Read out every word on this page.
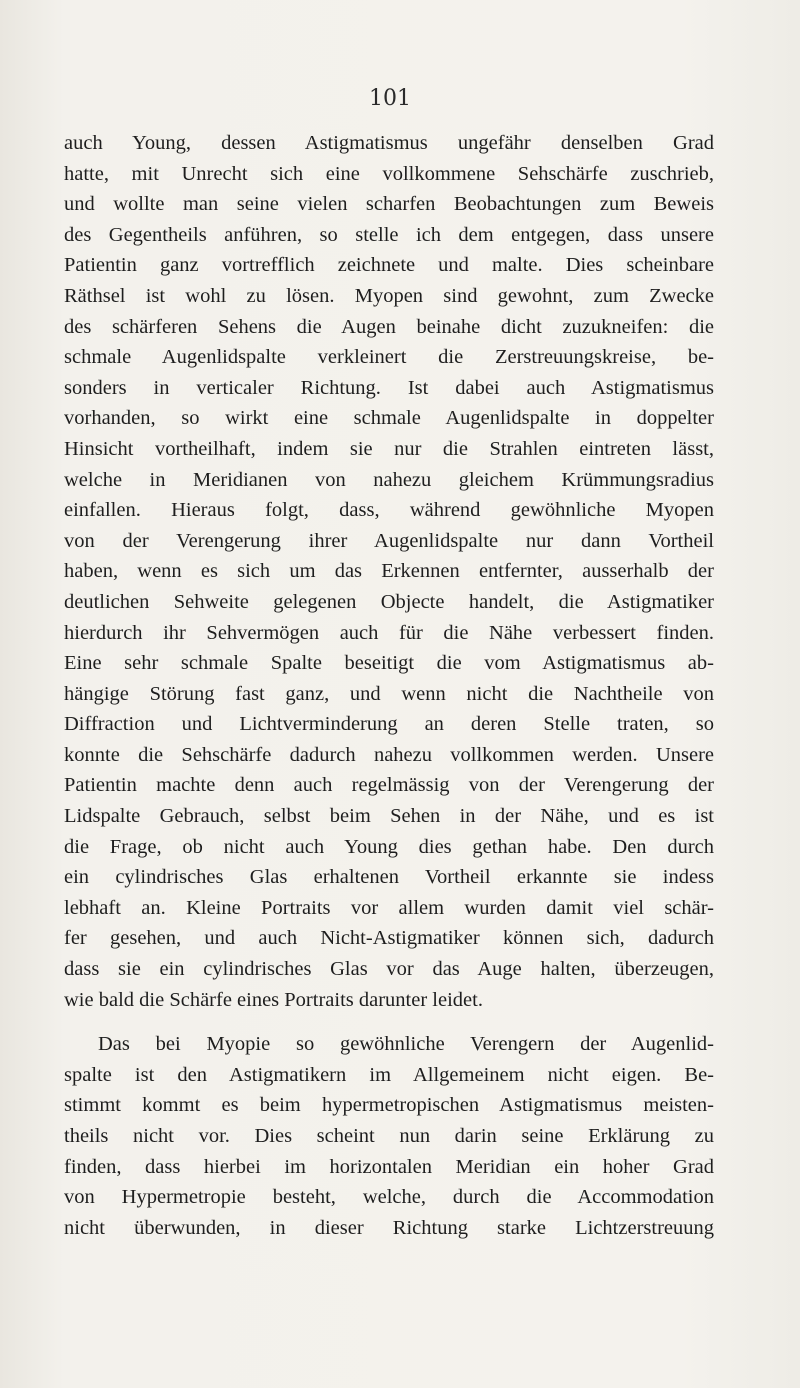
101
auch Young, dessen Astigmatismus ungefähr denselben Grad
hatte, mit Unrecht sich eine vollkommene Sehschärfe zuschrieb,
und wollte man seine vielen scharfen Beobachtungen zum Beweis
des Gegentheils anführen, so stelle ich dem entgegen, dass unsere
Patientin ganz vortrefflich zeichnete und malte. Dies scheinbare
Räthsel ist wohl zu lösen. Myopen sind gewohnt, zum Zwecke
des schärferen Sehens die Augen beinahe dicht zuzukneifen: die
schmale Augenlidspalte verkleinert die Zerstreuungskreise, be-
sonders in verticaler Richtung. Ist dabei auch Astigmatismus
vorhanden, so wirkt eine schmale Augenlidspalte in doppelter
Hinsicht vortheilhaft, indem sie nur die Strahlen eintreten lässt,
welche in Meridianen von nahezu gleichem Krümmungsradius
einfallen. Hieraus folgt, dass, während gewöhnliche Myopen
von der Verengerung ihrer Augenlidspalte nur dann Vortheil
haben, wenn es sich um das Erkennen entfernter, ausserhalb der
deutlichen Sehweite gelegenen Objecte handelt, die Astigmatiker
hierdurch ihr Sehvermögen auch für die Nähe verbessert finden.
Eine sehr schmale Spalte beseitigt die vom Astigmatismus ab-
hängige Störung fast ganz, und wenn nicht die Nachtheile von
Diffraction und Lichtverminderung an deren Stelle traten, so
konnte die Sehschärfe dadurch nahezu vollkommen werden. Unsere
Patientin machte denn auch regelmässig von der Verengerung der
Lidspalte Gebrauch, selbst beim Sehen in der Nähe, und es ist
die Frage, ob nicht auch Young dies gethan habe. Den durch
ein cylindrisches Glas erhaltenen Vortheil erkannte sie indess
lebhaft an. Kleine Portraits vor allem wurden damit viel schär-
fer gesehen, und auch Nicht-Astigmatiker können sich, dadurch
dass sie ein cylindrisches Glas vor das Auge halten, überzeugen,
wie bald die Schärfe eines Portraits darunter leidet.
Das bei Myopie so gewöhnliche Verengern der Augenlid-
spalte ist den Astigmatikern im Allgemeinem nicht eigen. Be-
stimmt kommt es beim hypermetropischen Astigmatismus meisten-
theils nicht vor. Dies scheint nun darin seine Erklärung zu
finden, dass hierbei im horizontalen Meridian ein hoher Grad
von Hypermetropie besteht, welche, durch die Accommodation
nicht überwunden, in dieser Richtung starke Lichtzerstreuung
